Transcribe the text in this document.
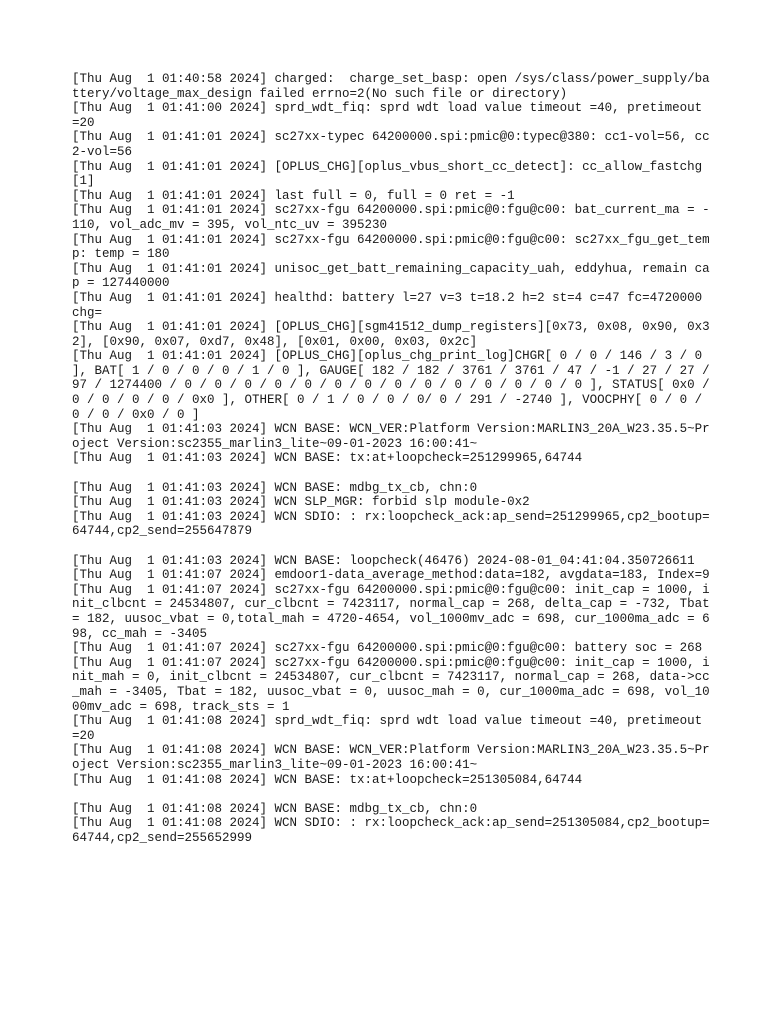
[Thu Aug  1 01:40:58 2024] charged:  charge_set_basp: open /sys/class/power_supply/battery/voltage_max_design failed errno=2(No such file or directory)

[Thu Aug  1 01:41:00 2024] sprd_wdt_fiq: sprd wdt load value timeout =40, pretimeout =20

[Thu Aug  1 01:41:01 2024] sc27xx-typec 64200000.spi:pmic@0:typec@380: cc1-vol=56, cc2-vol=56

[Thu Aug  1 01:41:01 2024] [OPLUS_CHG][oplus_vbus_short_cc_detect]: cc_allow_fastchg [1]

[Thu Aug  1 01:41:01 2024] last full = 0, full = 0 ret = -1

[Thu Aug  1 01:41:01 2024] sc27xx-fgu 64200000.spi:pmic@0:fgu@c00: bat_current_ma = -110, vol_adc_mv = 395, vol_ntc_uv = 395230

[Thu Aug  1 01:41:01 2024] sc27xx-fgu 64200000.spi:pmic@0:fgu@c00: sc27xx_fgu_get_temp: temp = 180

[Thu Aug  1 01:41:01 2024] unisoc_get_batt_remaining_capacity_uah, eddyhua, remain cap = 127440000

[Thu Aug  1 01:41:01 2024] healthd: battery l=27 v=3 t=18.2 h=2 st=4 c=47 fc=4720000 chg=

[Thu Aug  1 01:41:01 2024] [OPLUS_CHG][sgm41512_dump_registers][0x73, 0x08, 0x90, 0x32], [0x90, 0x07, 0xd7, 0x48], [0x01, 0x00, 0x03, 0x2c]

[Thu Aug  1 01:41:01 2024] [OPLUS_CHG][oplus_chg_print_log]CHGR[ 0 / 0 / 146 / 3 / 0 ], BAT[ 1 / 0 / 0 / 0 / 1 / 0 ], GAUGE[ 182 / 182 / 3761 / 3761 / 47 / -1 / 27 / 27 / 97 / 1274400 / 0 / 0 / 0 / 0 / 0 / 0 / 0 / 0 / 0 / 0 / 0 / 0 / 0 / 0 ], STATUS[ 0x0 / 0 / 0 / 0 / 0 / 0x0 ], OTHER[ 0 / 1 / 0 / 0 / 0/ 0 / 291 / -2740 ], VOOCPHY[ 0 / 0 / 0 / 0 / 0x0 / 0 ]

[Thu Aug  1 01:41:03 2024] WCN BASE: WCN_VER:Platform Version:MARLIN3_20A_W23.35.5~Project Version:sc2355_marlin3_lite~09-01-2023 16:00:41~

[Thu Aug  1 01:41:03 2024] WCN BASE: tx:at+loopcheck=251299965,64744

[Thu Aug  1 01:41:03 2024] WCN BASE: mdbg_tx_cb, chn:0

[Thu Aug  1 01:41:03 2024] WCN SLP_MGR: forbid slp module-0x2

[Thu Aug  1 01:41:03 2024] WCN SDIO: : rx:loopcheck_ack:ap_send=251299965,cp2_bootup=64744,cp2_send=255647879

[Thu Aug  1 01:41:03 2024] WCN BASE: loopcheck(46476) 2024-08-01_04:41:04.350726611

[Thu Aug  1 01:41:07 2024] emdoor1-data_average_method:data=182, avgdata=183, Index=9

[Thu Aug  1 01:41:07 2024] sc27xx-fgu 64200000.spi:pmic@0:fgu@c00: init_cap = 1000, init_clbcnt = 24534807, cur_clbcnt = 7423117, normal_cap = 268, delta_cap = -732, Tbat  = 182, uusoc_vbat = 0,total_mah = 4720-4654, vol_1000mv_adc = 698, cur_1000ma_adc = 698, cc_mah = -3405

[Thu Aug  1 01:41:07 2024] sc27xx-fgu 64200000.spi:pmic@0:fgu@c00: battery soc = 268

[Thu Aug  1 01:41:07 2024] sc27xx-fgu 64200000.spi:pmic@0:fgu@c00: init_cap = 1000, init_mah = 0, init_clbcnt = 24534807, cur_clbcnt = 7423117, normal_cap = 268, data->cc_mah = -3405, Tbat = 182, uusoc_vbat = 0, uusoc_mah = 0, cur_1000ma_adc = 698, vol_1000mv_adc = 698, track_sts = 1

[Thu Aug  1 01:41:08 2024] sprd_wdt_fiq: sprd wdt load value timeout =40, pretimeout =20

[Thu Aug  1 01:41:08 2024] WCN BASE: WCN_VER:Platform Version:MARLIN3_20A_W23.35.5~Project Version:sc2355_marlin3_lite~09-01-2023 16:00:41~

[Thu Aug  1 01:41:08 2024] WCN BASE: tx:at+loopcheck=251305084,64744

[Thu Aug  1 01:41:08 2024] WCN BASE: mdbg_tx_cb, chn:0

[Thu Aug  1 01:41:08 2024] WCN SDIO: : rx:loopcheck_ack:ap_send=251305084,cp2_bootup=64744,cp2_send=255652999
